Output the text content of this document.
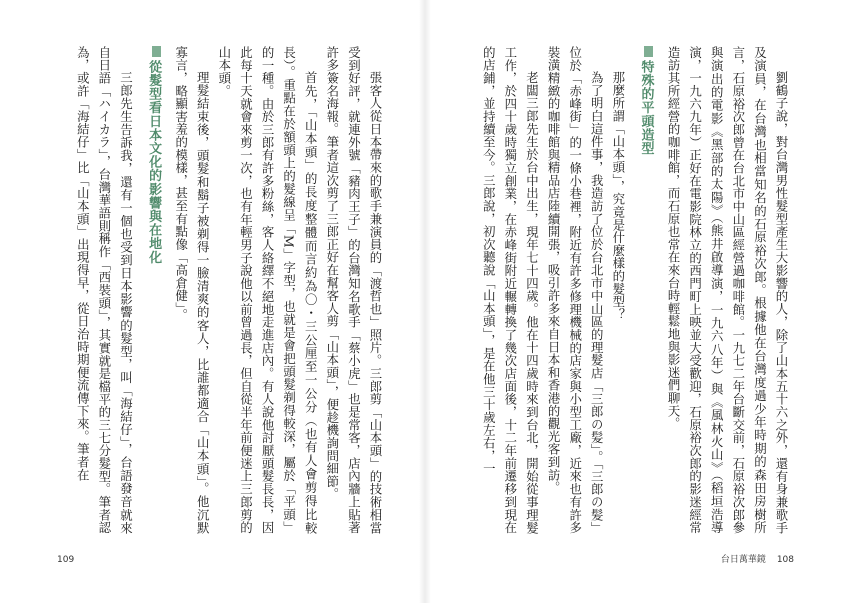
張客人從日本帶來的歌手兼演員的「渡哲也」照片。三郎剪「山本頭」的技術相當受到好評，就連外號「豬肉王子」的台灣知名歌手「蔡小虎」也是常客，店內牆上貼著許多簽名海報。筆者這次剪了三郎正好在幫客人剪「山本頭」，便趁機詢問細節。

首先，「山本頭」的長度整體而言約為〇・三公厘至一公分（也有人會剪得比較長）。重點在於額頭上的髮線呈「M」字型，也就是會把頭髮剃得較深，屬於「平頭」的一種。由於三郎有許多粉絲，客人絡繹不絕地走進店內。有人說他討厭頭髮長長，因此每十天就會來剪一次，也有年輕男子說他以前曾過長，但自從半年前便迷上三郎剪的山本頭。

理髮結束後，頭髮和鬍子被剃得一臉清爽的客人，比誰都適合「山本頭」。他沉默寡言，略顯害羞的模樣，甚至有點像「高倉健」。

從髮型看日本文化的影響與在地化

三郎先生告訴我，還有一個也受到日本影響的髮型，叫「海結仔」，台語發音就來自日語「ハイカラ」，台灣華語則稱作「西裝頭」，其實就是檔平的三七分髮型。筆者認為，或許「海結仔」比「山本頭」出現得早，從日治時期便流傳下來。筆者在	劉鶴子說，對台灣男性髮型產生大影響的人，除了山本五十六之外，還有身兼歌手及演員，在台灣也相當知名的石原裕次郎。根據他在台灣度過少年時期的森田房樹所言，石原裕次郎曾在台北市中山區經營過咖啡館。一九七二年台斷交前，石原裕次郎參與演出的電影《黑部的太陽》（熊井啟導演，一九六八年）與《風林火山》（稻垣浩導演，一九六九年）正好在電影院林立的西門町上映並大受歡迎，石原裕次郎的影迷經常造訪其所經營的咖啡館，而石原也常在來台時輕鬆地與影迷們聊天。

特殊的平頭造型

那麼所謂「山本頭」，究竟是什麼樣的髮型？

為了明白這件事，我造訪了位於台北市中山區的理髮店「三郎の髪」。「三郎の髪」位於「赤峰街」的一條小巷裡，附近有許多修理機械的店家與小型工廠，近來也有許多裝潢精緻的咖啡館與精品店陸續開張，吸引許多來自日本和香港的觀光客到訪。

老闆三郎先生於台中出生，現年七十四歲。他在十四歲時來到台北，開始從事理髮工作，於四十歲時獨立創業，在赤峰街附近輾轉換了幾次店面後，十二年前遷移到現在的店鋪，並持續至今。三郎說，初次聽說「山本頭」，是在他三十歲左右，一

109	台日萬華鏡 108
